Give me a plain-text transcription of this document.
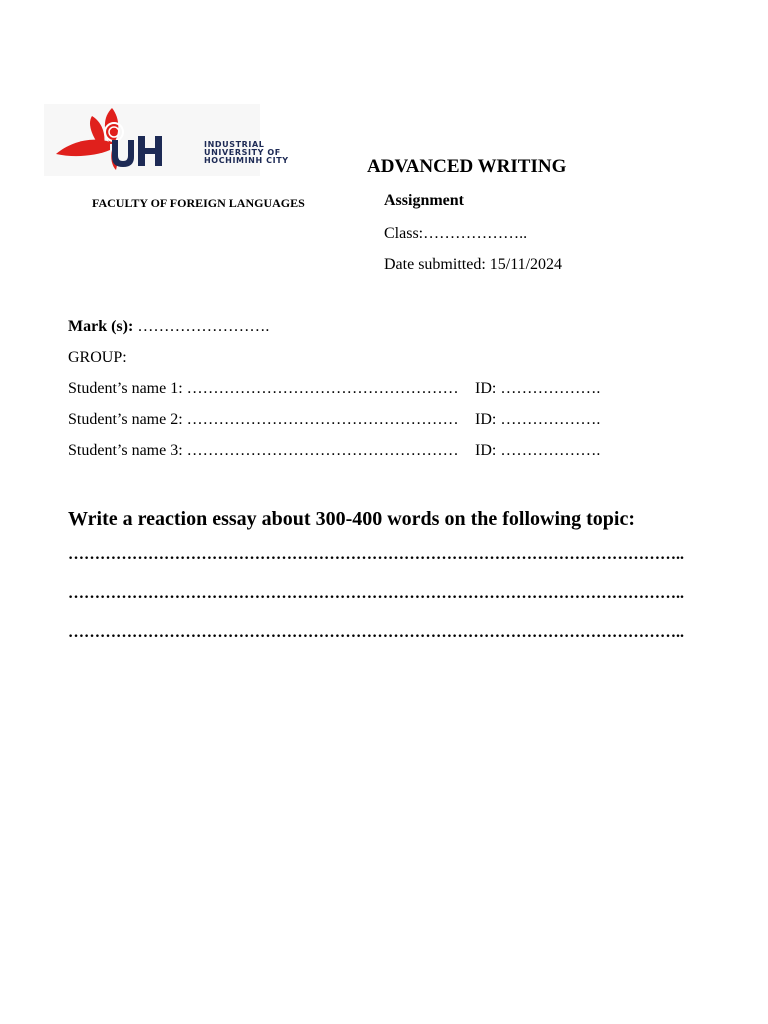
INDUSTRIAL
UNIVERSITY OF
HOCHIMINH CITY
FACULTY OF FOREIGN LANGUAGES
ADVANCED WRITING
Assignment
Class:………………..
Date submitted: 15/11/2024
Mark (s): …………………….
GROUP:
Student’s name 1: …………………………………………… ID: ……………….
Student’s name 2: …………………………………………… ID: ……………….
Student’s name 3: …………………………………………… ID: ……………….
Write a reaction essay about 300-400 words on the following topic:
……………………………………………………………………………………………………..
……………………………………………………………………………………………………..
……………………………………………………………………………………………………..
